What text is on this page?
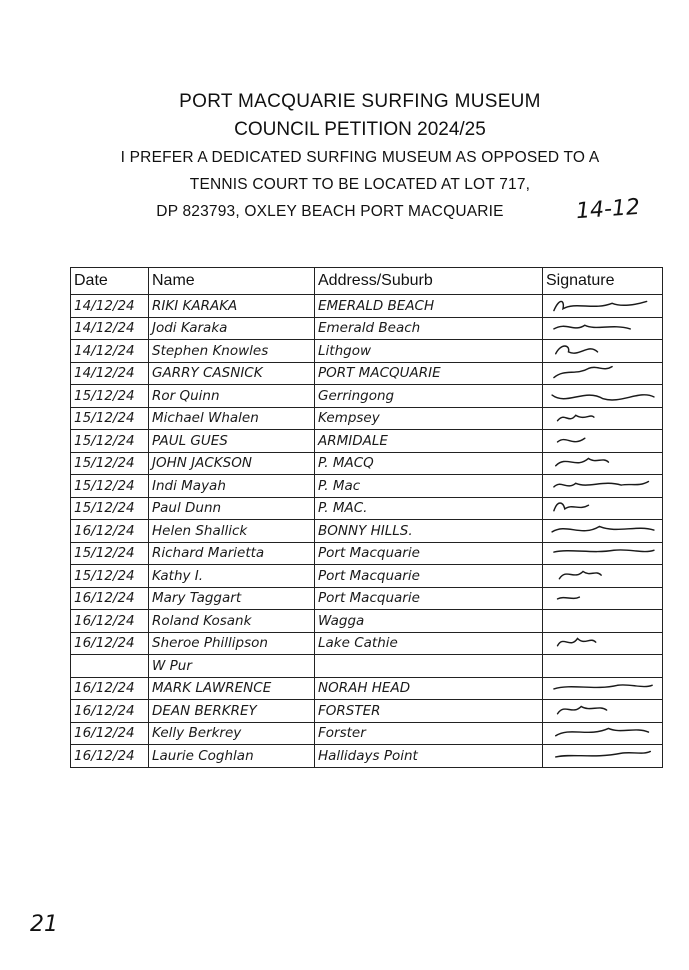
PORT MACQUARIE SURFING MUSEUM
COUNCIL PETITION 2024/25
I PREFER A DEDICATED SURFING MUSEUM AS OPPOSED TO A
TENNIS COURT TO BE LOCATED AT LOT 717,
DP 823793, OXLEY BEACH PORT MACQUARIE	14-12
Date	Name	Address/Suburb	Signature
14/12/24	RIKI KARAKA	EMERALD BEACH	

14/12/24	Jodi Karaka	Emerald Beach	

14/12/24	Stephen Knowles	Lithgow	

14/12/24	GARRY CASNICK	PORT MACQUARIE	

15/12/24	Ror Quinn	Gerringong	

15/12/24	Michael Whalen	Kempsey	

15/12/24	PAUL GUES	ARMIDALE	

15/12/24	JOHN JACKSON	P. MACQ	

15/12/24	Indi Mayah	P. Mac	

15/12/24	Paul Dunn	P. MAC.	

16/12/24	Helen Shallick	BONNY HILLS.	

15/12/24	Richard Marietta	Port Macquarie	

15/12/24	Kathy I.	Port Macquarie	

16/12/24	Mary Taggart	Port Macquarie	

16/12/24	Roland Kosank	Wagga	
16/12/24	Sheroe Phillipson	Lake Cathie	

	W Pur		
16/12/24	MARK LAWRENCE	NORAH HEAD	

16/12/24	DEAN BERKREY	FORSTER	

16/12/24	Kelly Berkrey	Forster	

16/12/24	Laurie Coghlan	Hallidays Point	
21
